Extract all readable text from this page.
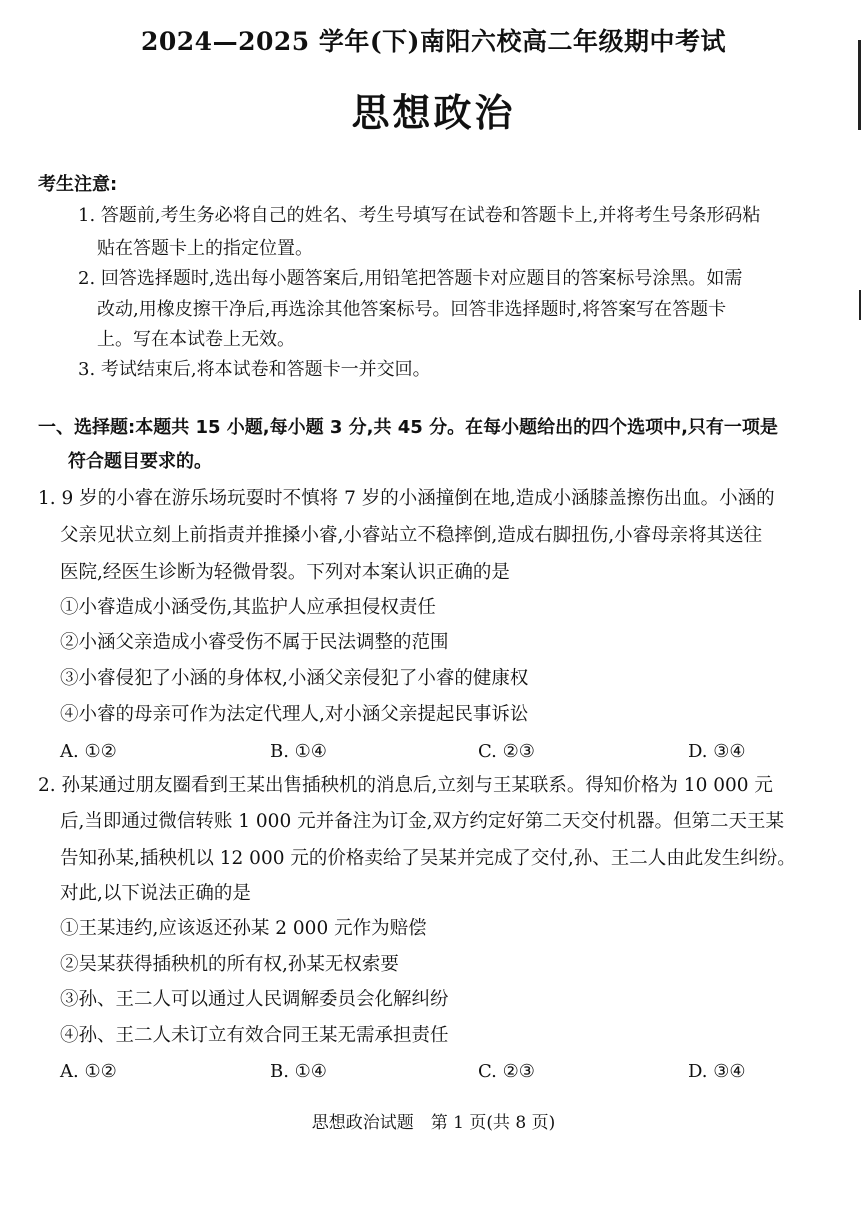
2024—2025 学年(下)南阳六校高二年级期中考试
思想政治
考生注意:
1. 答题前,考生务必将自己的姓名、考生号填写在试卷和答题卡上,并将考生号条形码粘
贴在答题卡上的指定位置。
2. 回答选择题时,选出每小题答案后,用铅笔把答题卡对应题目的答案标号涂黑。如需
改动,用橡皮擦干净后,再选涂其他答案标号。回答非选择题时,将答案写在答题卡
上。写在本试卷上无效。
3. 考试结束后,将本试卷和答题卡一并交回。
一、选择题:本题共 15 小题,每小题 3 分,共 45 分。在每小题给出的四个选项中,只有一项是
符合题目要求的。
1. 9 岁的小睿在游乐场玩耍时不慎将 7 岁的小涵撞倒在地,造成小涵膝盖擦伤出血。小涵的
父亲见状立刻上前指责并推搡小睿,小睿站立不稳摔倒,造成右脚扭伤,小睿母亲将其送往
医院,经医生诊断为轻微骨裂。下列对本案认识正确的是
①小睿造成小涵受伤,其监护人应承担侵权责任
②小涵父亲造成小睿受伤不属于民法调整的范围
③小睿侵犯了小涵的身体权,小涵父亲侵犯了小睿的健康权
④小睿的母亲可作为法定代理人,对小涵父亲提起民事诉讼
A. ①②	B. ①④	C. ②③	D. ③④
2. 孙某通过朋友圈看到王某出售插秧机的消息后,立刻与王某联系。得知价格为 10 000 元
后,当即通过微信转账 1 000 元并备注为订金,双方约定好第二天交付机器。但第二天王某
告知孙某,插秧机以 12 000 元的价格卖给了吴某并完成了交付,孙、王二人由此发生纠纷。
对此,以下说法正确的是
①王某违约,应该返还孙某 2 000 元作为赔偿
②吴某获得插秧机的所有权,孙某无权索要
③孙、王二人可以通过人民调解委员会化解纠纷
④孙、王二人未订立有效合同王某无需承担责任
A. ①②	B. ①④	C. ②③	D. ③④
思想政治试题　第 1 页(共 8 页)
